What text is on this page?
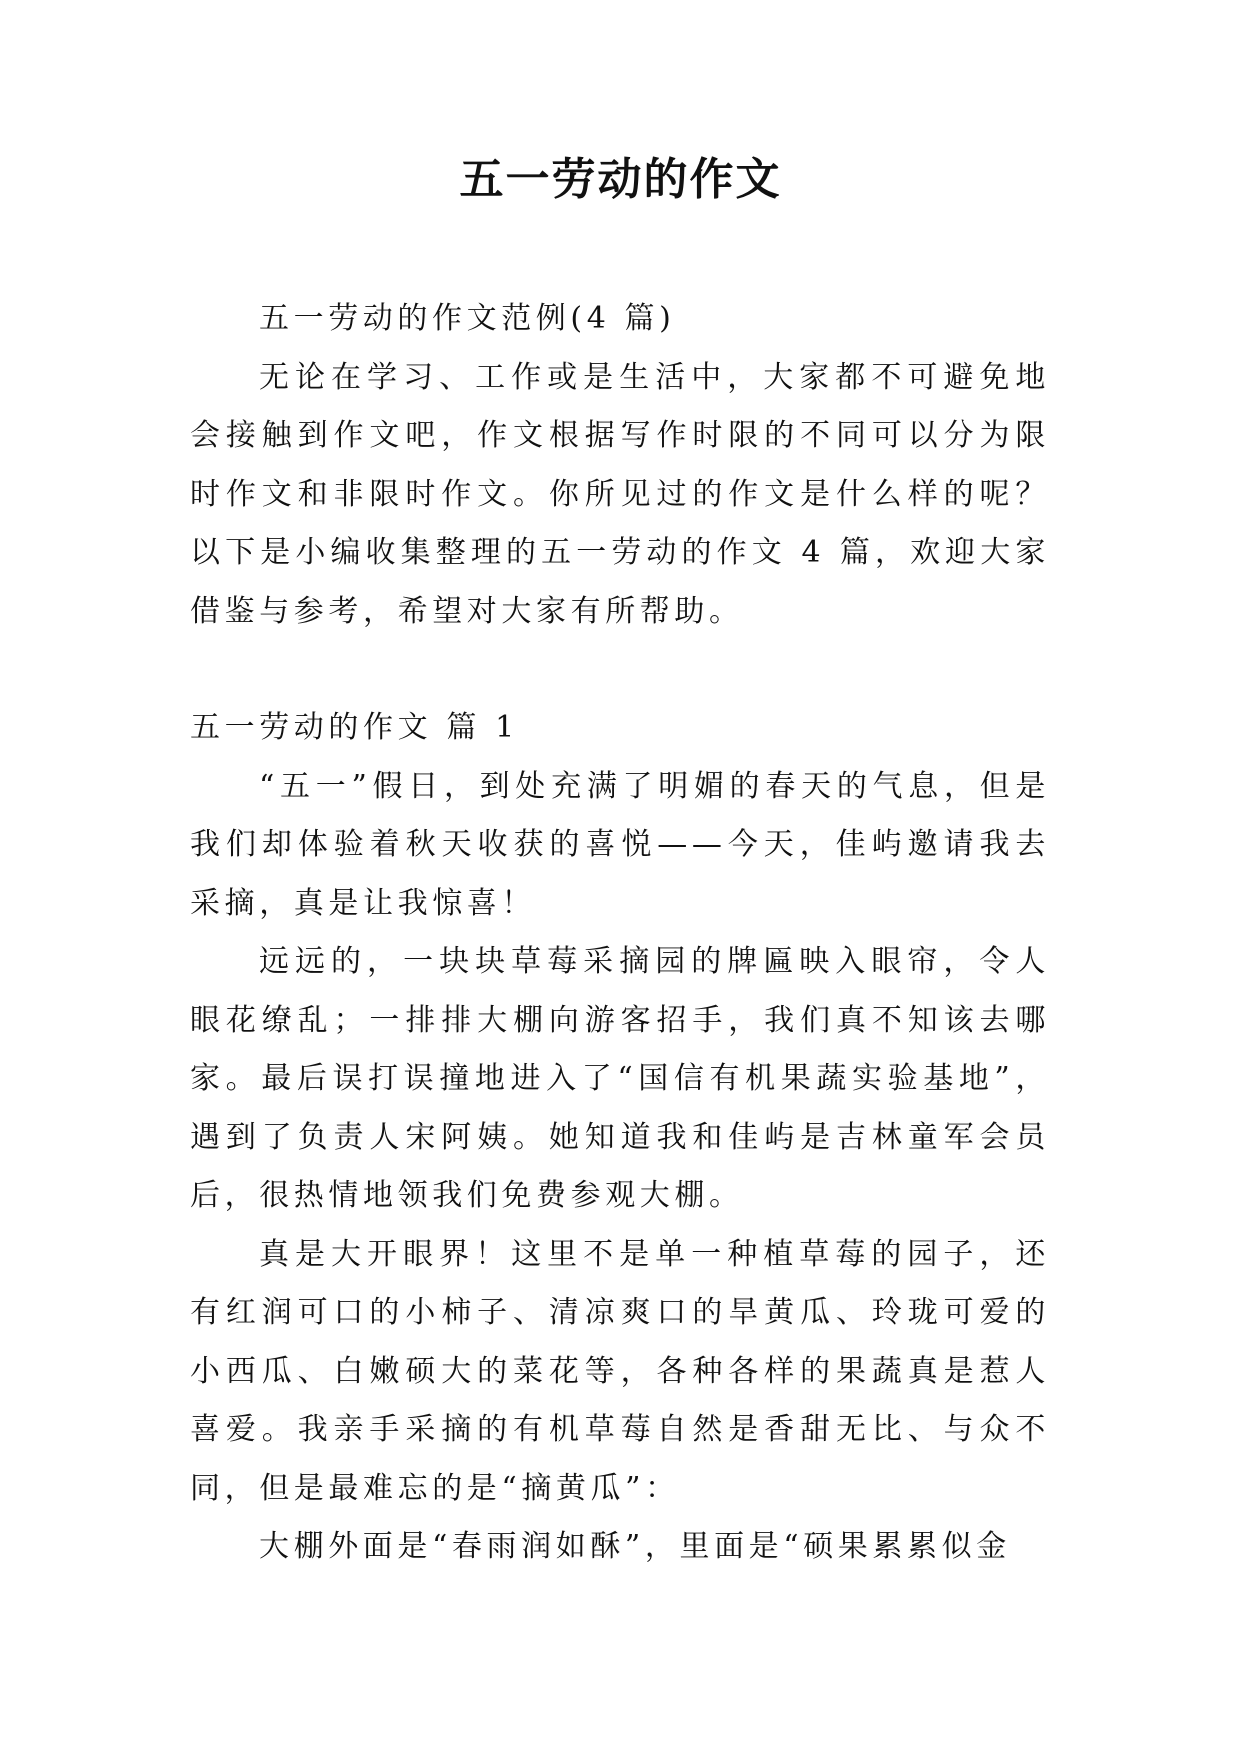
五一劳动的作文

五一劳动的作文范例(4 篇)

无论在学习、工作或是生活中，大家都不可避免地会接触到作文吧，作文根据写作时限的不同可以分为限时作文和非限时作文。你所见过的作文是什么样的呢？以下是小编收集整理的五一劳动的作文 4 篇，欢迎大家借鉴与参考，希望对大家有所帮助。

五一劳动的作文 篇 1

“五一”假日，到处充满了明媚的春天的气息，但是我们却体验着秋天收获的喜悦——今天，佳屿邀请我去采摘，真是让我惊喜！

远远的，一块块草莓采摘园的牌匾映入眼帘，令人眼花缭乱；一排排大棚向游客招手，我们真不知该去哪家。最后误打误撞地进入了“国信有机果蔬实验基地”，遇到了负责人宋阿姨。她知道我和佳屿是吉林童军会员后，很热情地领我们免费参观大棚。

真是大开眼界！这里不是单一种植草莓的园子，还有红润可口的小柿子、清凉爽口的旱黄瓜、玲珑可爱的小西瓜、白嫩硕大的菜花等，各种各样的果蔬真是惹人喜爱。我亲手采摘的有机草莓自然是香甜无比、与众不同，但是最难忘的是“摘黄瓜”：

大棚外面是“春雨润如酥”，里面是“硕果累累似金
